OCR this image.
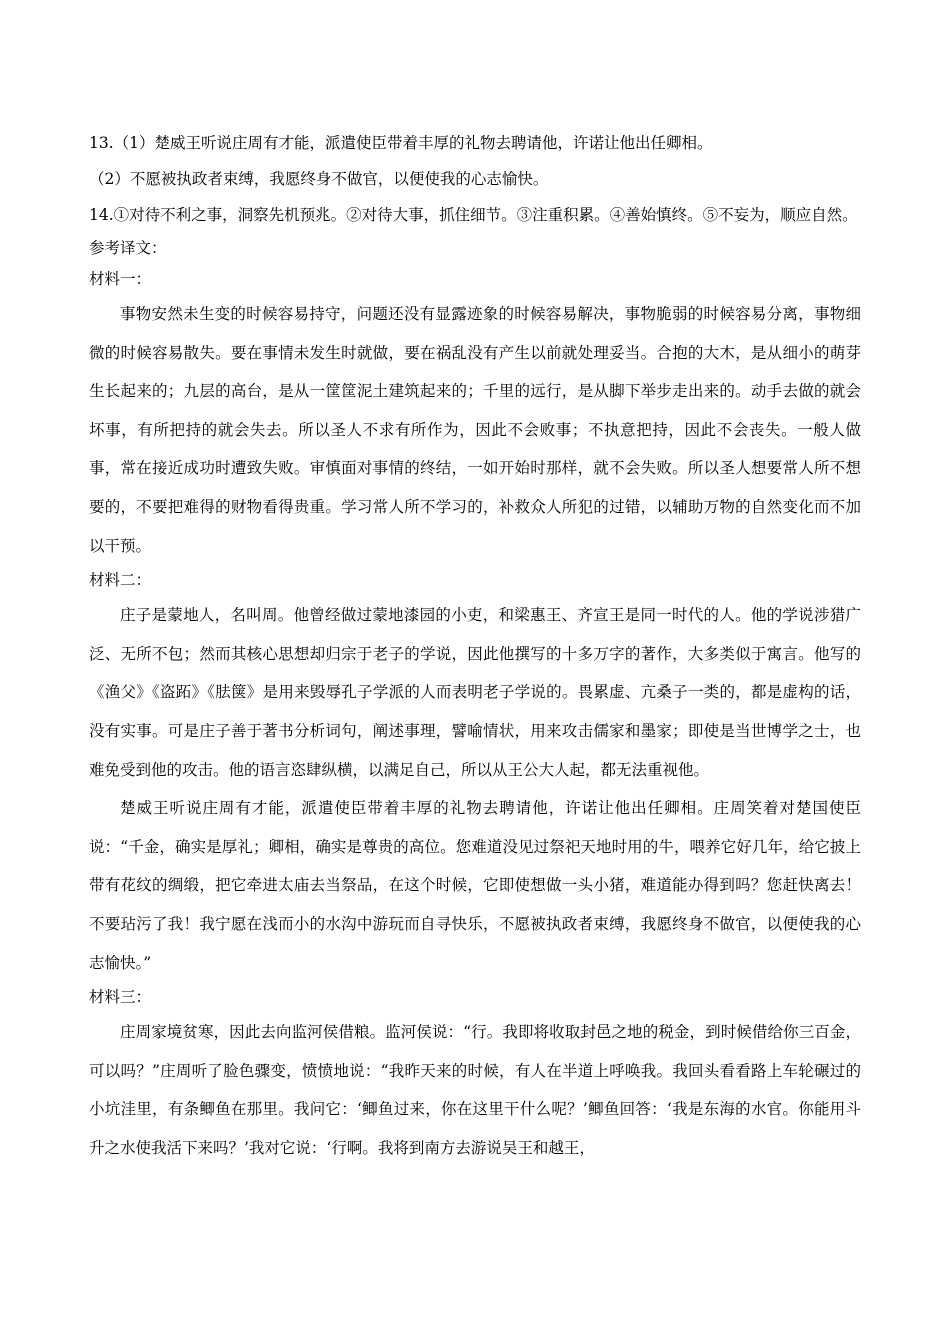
13.（1）楚威王听说庄周有才能，派遣使臣带着丰厚的礼物去聘请他，许诺让他出任卿相。

（2）不愿被执政者束缚，我愿终身不做官，以便使我的心志愉快。

14.①对待不利之事，洞察先机预兆。②对待大事，抓住细节。③注重积累。④善始慎终。⑤不妄为，顺应自然。

参考译文：

材料一：

事物安然未生变的时候容易持守，问题还没有显露迹象的时候容易解决，事物脆弱的时候容易分离，事物细微的时候容易散失。要在事情未发生时就做，要在祸乱没有产生以前就处理妥当。合抱的大木，是从细小的萌芽生长起来的；九层的高台，是从一筐筐泥土建筑起来的；千里的远行，是从脚下举步走出来的。动手去做的就会坏事，有所把持的就会失去。所以圣人不求有所作为，因此不会败事；不执意把持，因此不会丧失。一般人做事，常在接近成功时遭致失败。审慎面对事情的终结，一如开始时那样，就不会失败。所以圣人想要常人所不想要的，不要把难得的财物看得贵重。学习常人所不学习的，补救众人所犯的过错，以辅助万物的自然变化而不加以干预。

材料二：

庄子是蒙地人，名叫周。他曾经做过蒙地漆园的小吏，和梁惠王、齐宣王是同一时代的人。他的学说涉猎广泛、无所不包；然而其核心思想却归宗于老子的学说，因此他撰写的十多万字的著作，大多类似于寓言。他写的《渔父》《盗跖》《胠箧》是用来毁辱孔子学派的人而表明老子学说的。畏累虚、亢桑子一类的，都是虚构的话，没有实事。可是庄子善于著书分析词句，阐述事理，譬喻情状，用来攻击儒家和墨家；即使是当世博学之士，也难免受到他的攻击。他的语言恣肆纵横，以满足自己，所以从王公大人起，都无法重视他。

楚威王听说庄周有才能，派遣使臣带着丰厚的礼物去聘请他，许诺让他出任卿相。庄周笑着对楚国使臣说：“千金，确实是厚礼；卿相，确实是尊贵的高位。您难道没见过祭祀天地时用的牛，喂养它好几年，给它披上带有花纹的绸缎，把它牵进太庙去当祭品，在这个时候，它即使想做一头小猪，难道能办得到吗？您赶快离去！不要玷污了我！我宁愿在浅而小的水沟中游玩而自寻快乐，不愿被执政者束缚，我愿终身不做官，以便使我的心志愉快。”

材料三：

庄周家境贫寒，因此去向监河侯借粮。监河侯说：“行。我即将收取封邑之地的税金，到时候借给你三百金，可以吗？”庄周听了脸色骤变，愤愤地说：“我昨天来的时候，有人在半道上呼唤我。我回头看看路上车轮碾过的小坑洼里，有条鲫鱼在那里。我问它：‘鲫鱼过来，你在这里干什么呢？’鲫鱼回答：‘我是东海的水官。你能用斗升之水使我活下来吗？’我对它说：‘行啊。我将到南方去游说吴王和越王，
